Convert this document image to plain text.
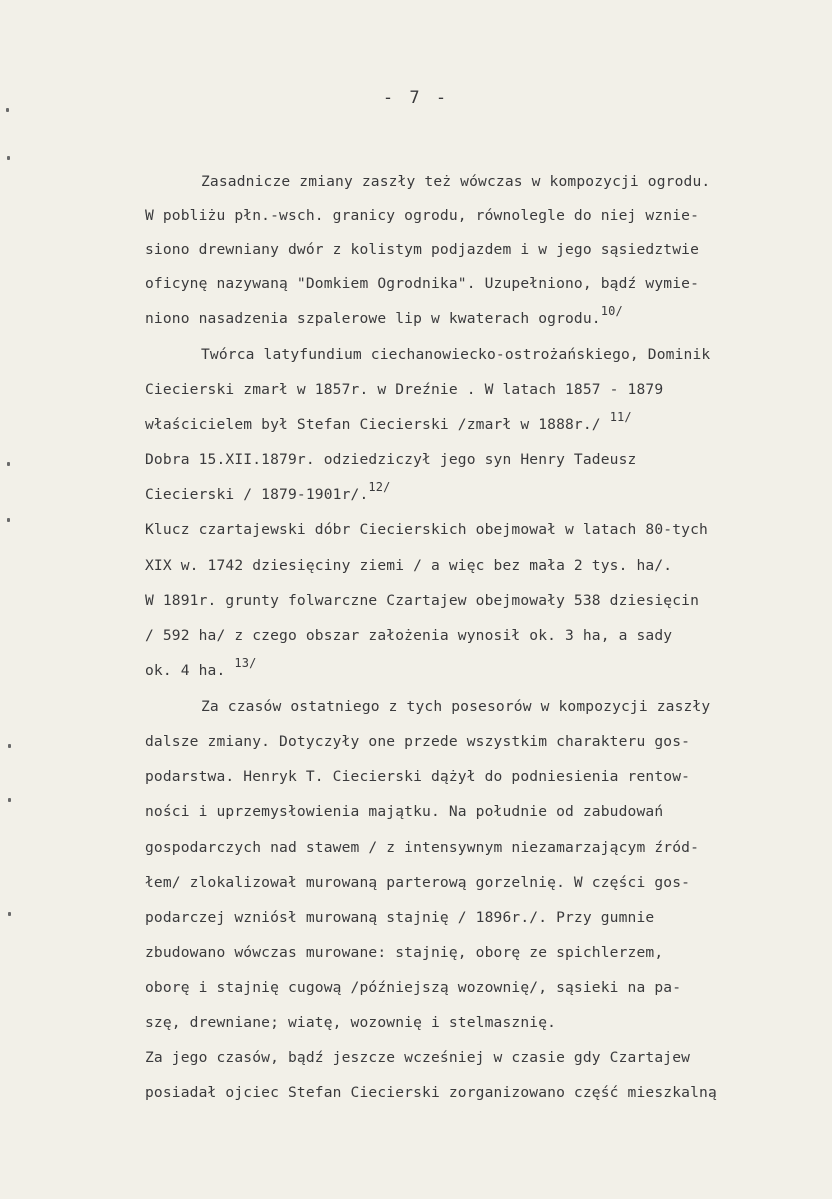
- 7 -
Zasadnicze zmiany zaszły też wówczas w kompozycji ogrodu.
W pobliżu płn.-wsch. granicy ogrodu, równolegle do niej wznie-
siono drewniany dwór z kolistym podjazdem i w jego sąsiedztwie
oficynę nazywaną "Domkiem Ogrodnika". Uzupełniono, bądź wymie-
niono nasadzenia szpalerowe lip w kwaterach ogrodu.$^{10/}$
Twórca latyfundium ciechanowiecko-ostrożańskiego, Dominik
Ciecierski zmarł w 1857r. w Dreźnie . W latach 1857 - 1879
właścicielem był Stefan Ciecierski /zmarł w 1888r./ $^{11/}$
Dobra 15.XII.1879r. odziedziczył jego syn Henry Tadeusz
Ciecierski / 1879-1901r/.$^{12/}$
Klucz czartajewski dóbr Ciecierskich obejmował w latach 80-tych
XIX w. 1742 dziesięciny ziemi / a więc bez mała 2 tys. ha/.
W 1891r. grunty folwarczne Czartajew obejmowały 538 dziesięcin
/ 592 ha/ z czego obszar założenia wynosił ok. 3 ha, a sady
ok. 4 ha. $^{13/}$
Za czasów ostatniego z tych posesorów w kompozycji zaszły
dalsze zmiany. Dotyczyły one przede wszystkim charakteru gos-
podarstwa. Henryk T. Ciecierski dążył do podniesienia rentow-
ności i uprzemysłowienia majątku. Na południe od zabudowań
gospodarczych nad stawem / z intensywnym niezamarzającym źród-
łem/ zlokalizował murowaną parterową gorzelnię. W części gos-
podarczej wzniósł murowaną stajnię / 1896r./. Przy gumnie
zbudowano wówczas murowane: stajnię, oborę ze spichlerzem,
oborę i stajnię cugową /późniejszą wozownię/, sąsieki na pa-
szę, drewniane; wiatę, wozownię i stelmasznię.
Za jego czasów, bądź jeszcze wcześniej w czasie gdy Czartajew
posiadał ojciec Stefan Ciecierski zorganizowano część mieszkalną
